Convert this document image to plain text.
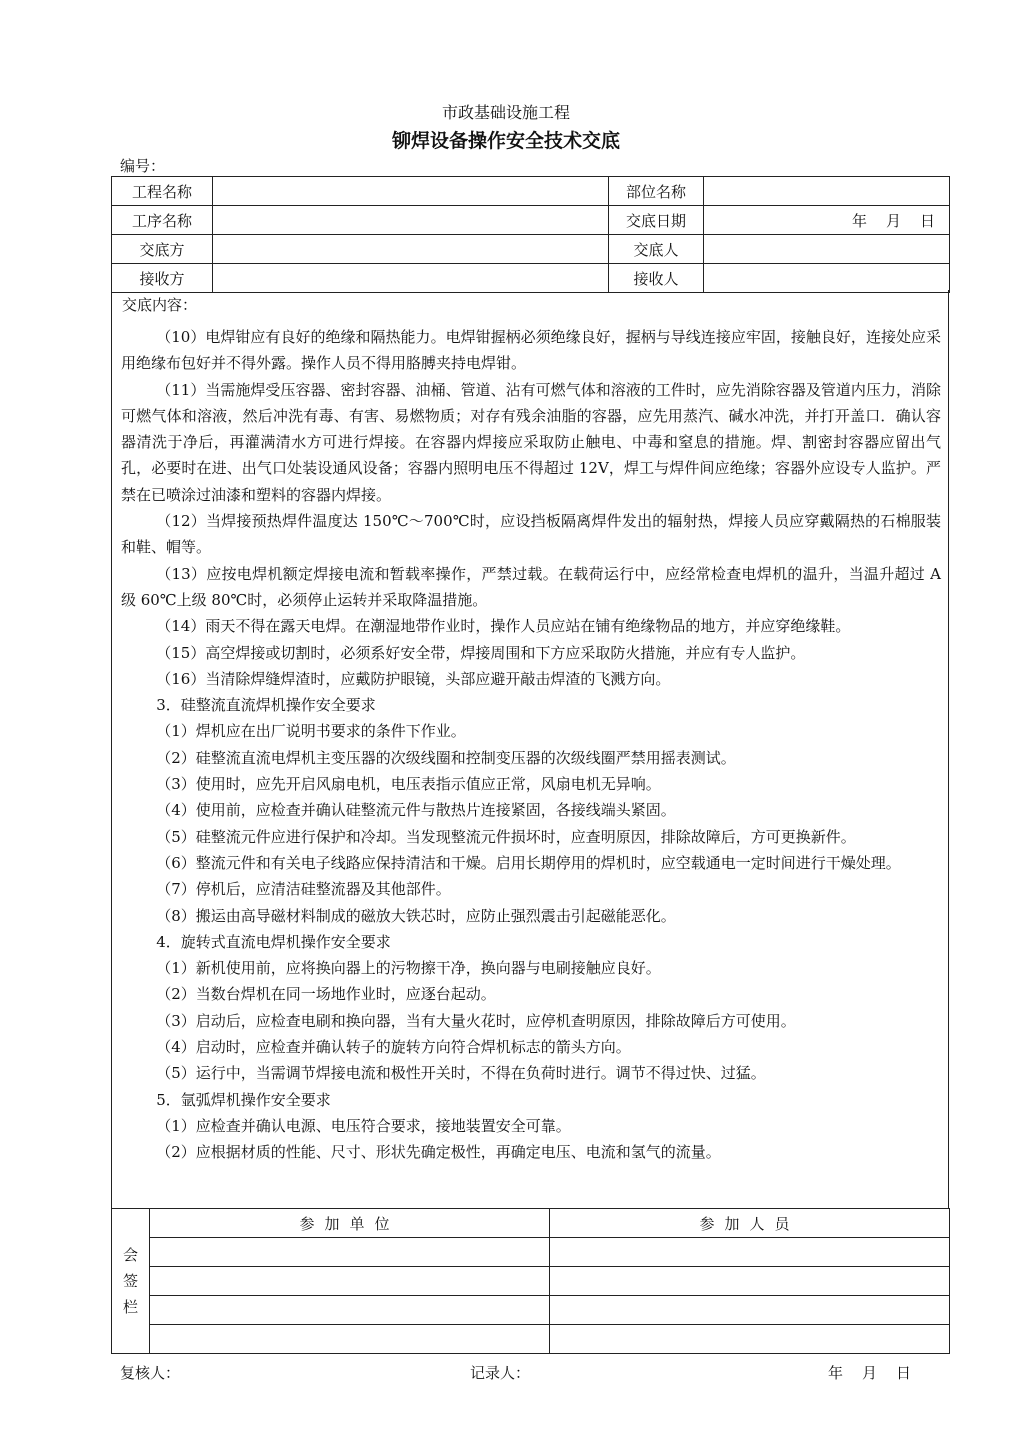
市政基础设施工程
铆焊设备操作安全技术交底
编号：
工程名称		部位名称	
工序名称		交底日期	年　月　日
交底方		交底人	
接收方		接收人	
交底内容：

（10）电焊钳应有良好的绝缘和隔热能力。电焊钳握柄必须绝缘良好，握柄与导线连接应牢固，接触良好，连接处应采用绝缘布包好并不得外露。操作人员不得用胳膊夹持电焊钳。

（11）当需施焊受压容器、密封容器、油桶、管道、沾有可燃气体和溶液的工件时，应先消除容器及管道内压力，消除可燃气体和溶液，然后冲洗有毒、有害、易燃物质；对存有残余油脂的容器，应先用蒸汽、碱水冲洗，并打开盖口．确认容器清洗于净后，再灌满清水方可进行焊接。在容器内焊接应采取防止触电、中毒和窒息的措施。焊、割密封容器应留出气孔，必要时在进、出气口处装设通风设备；容器内照明电压不得超过 12V，焊工与焊件间应绝缘；容器外应设专人监护。严禁在已喷涂过油漆和塑料的容器内焊接。

（12）当焊接预热焊件温度达 150℃～700℃时，应设挡板隔离焊件发出的辐射热，焊接人员应穿戴隔热的石棉服装和鞋、帽等。

（13）应按电焊机额定焊接电流和暂载率操作，严禁过载。在载荷运行中，应经常检查电焊机的温升，当温升超过 A 级 60℃上级 80℃时，必须停止运转并采取降温措施。

（14）雨天不得在露天电焊。在潮湿地带作业时，操作人员应站在铺有绝缘物品的地方，并应穿绝缘鞋。

（15）高空焊接或切割时，必须系好安全带，焊接周围和下方应采取防火措施，并应有专人监护。

（16）当清除焊缝焊渣时，应戴防护眼镜，头部应避开敲击焊渣的飞溅方向。

3．硅整流直流焊机操作安全要求

（1）焊机应在出厂说明书要求的条件下作业。

（2）硅整流直流电焊机主变压器的次级线圈和控制变压器的次级线圈严禁用摇表测试。

（3）使用时，应先开启风扇电机，电压表指示值应正常，风扇电机无异响。

（4）使用前，应检查并确认硅整流元件与散热片连接紧固，各接线端头紧固。

（5）硅整流元件应进行保护和冷却。当发现整流元件损坏时，应查明原因，排除故障后，方可更换新件。

（6）整流元件和有关电子线路应保持清洁和干燥。启用长期停用的焊机时，应空载通电一定时间进行干燥处理。

（7）停机后，应清洁硅整流器及其他部件。

（8）搬运由高导磁材料制成的磁放大铁芯时，应防止强烈震击引起磁能恶化。

4．旋转式直流电焊机操作安全要求

（1）新机使用前，应将换向器上的污物擦干净，换向器与电刷接触应良好。

（2）当数台焊机在同一场地作业时，应逐台起动。

（3）启动后，应检查电刷和换向器，当有大量火花时，应停机查明原因，排除故障后方可使用。

（4）启动时，应检查并确认转子的旋转方向符合焊机标志的箭头方向。

（5）运行中，当需调节焊接电流和极性开关时，不得在负荷时进行。调节不得过快、过猛。

5．氩弧焊机操作安全要求

（1）应检查并确认电源、电压符合要求，接地装置安全可靠。

（2）应根据材质的性能、尺寸、形状先确定极性，再确定电压、电流和氢气的流量。

会
签
栏	参加单位	参加人员

复核人：	记录人：	年　月　日
